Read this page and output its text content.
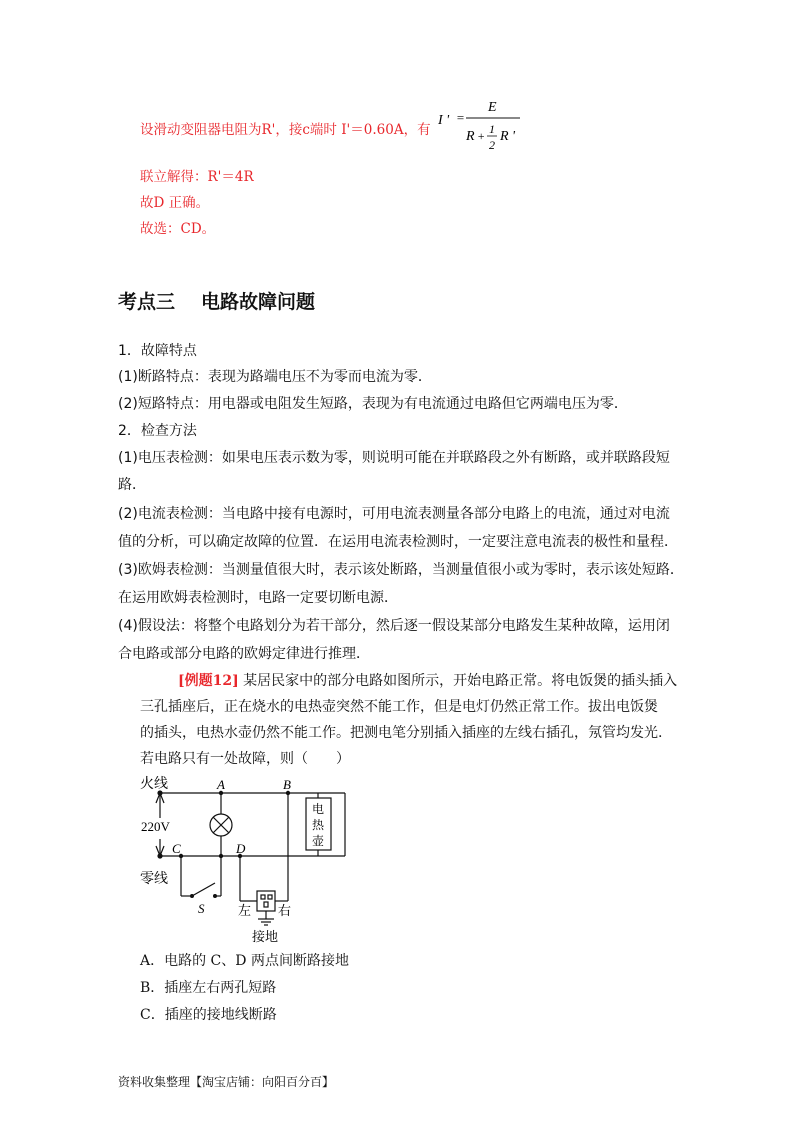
设滑动变阻器电阻为R'，接c端时 I'＝0.60A，有
I ' =
E
R + 1
2
R '
联立解得：R'＝4R
故D 正确。
故选：CD。
考点三 电路故障问题
1．故障特点
(1)断路特点：表现为路端电压不为零而电流为零．
(2)短路特点：用电器或电阻发生短路，表现为有电流通过电路但它两端电压为零．
2．检查方法
(1)电压表检测：如果电压表示数为零，则说明可能在并联路段之外有断路，或并联路段短
路．
(2)电流表检测：当电路中接有电源时，可用电流表测量各部分电路上的电流，通过对电流
值的分析，可以确定故障的位置．在运用电流表检测时，一定要注意电流表的极性和量程．
(3)欧姆表检测：当测量值很大时，表示该处断路，当测量值很小或为零时，表示该处短路．
在运用欧姆表检测时，电路一定要切断电源．
(4)假设法：将整个电路划分为若干部分，然后逐一假设某部分电路发生某种故障，运用闭
合电路或部分电路的欧姆定律进行推理．
[例题12] 某居民家中的部分电路如图所示，开始电路正常。将电饭煲的插头插入
三孔插座后，正在烧水的电热壶突然不能工作，但是电灯仍然正常工作。拔出电饭煲
的插头，电热水壶仍然不能工作。把测电笔分别插入插座的左线右插孔，氖管均发光.
若电路只有一处故障，则（　　）
火线
220V
零线
A	B
C	D
S
电
热
壶
左 右
接地
A．电路的 C、D 两点间断路接地
B．插座左右两孔短路
C．插座的接地线断路
资料收集整理【淘宝店铺：向阳百分百】
